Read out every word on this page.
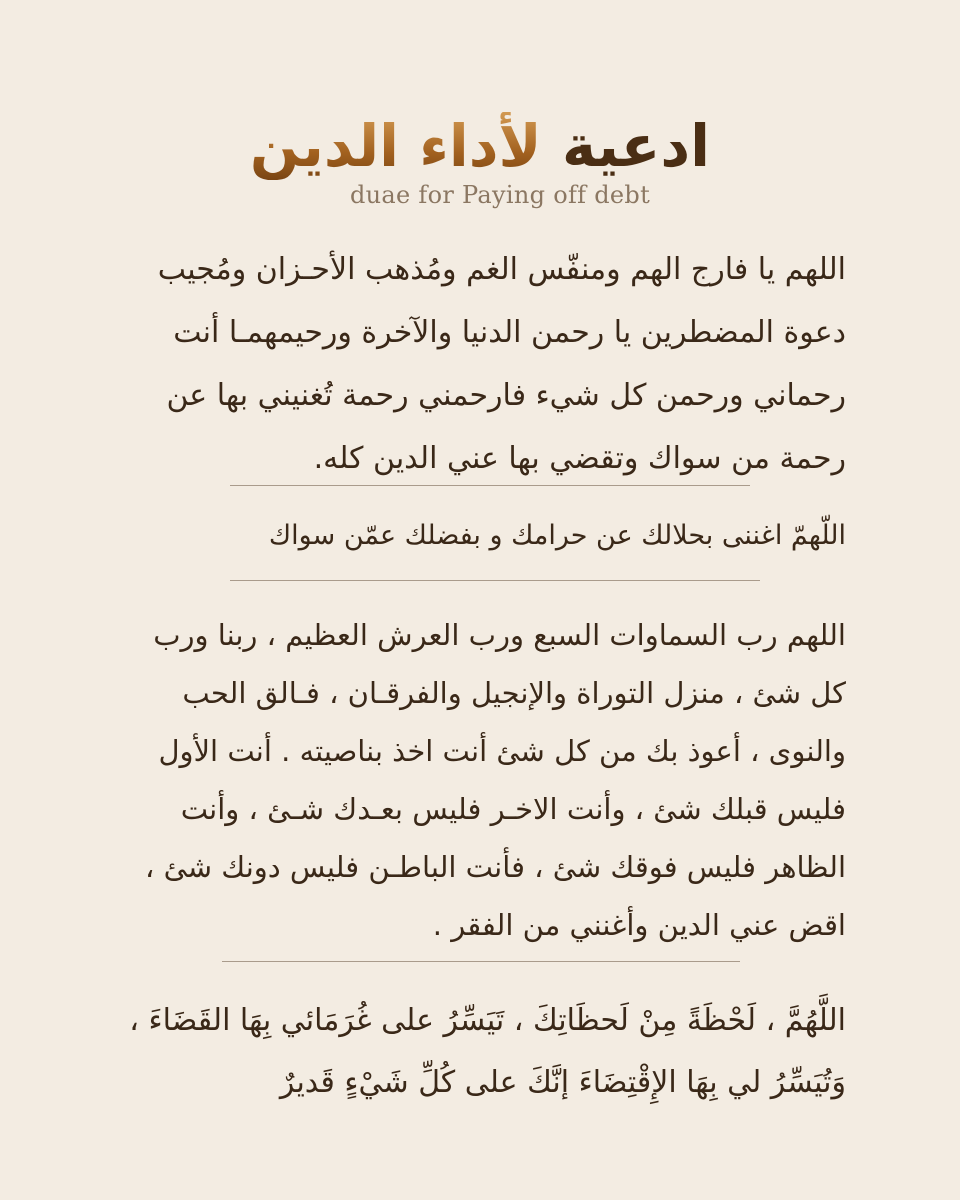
ادعية لأداء الدين
duae for Paying off debt
اللهم يا فارج الهم ومنفّس الغم ومُذهب الأحـزان ومُجيب
دعوة المضطرين يا رحمن الدنيا والآخرة ورحيمهمـا أنت
رحماني ورحمن كل شيء فارحمني رحمة تُغنيني بها عن
رحمة من سواك وتقضي بها عني الدين كله.
اللّهمّ اغننى بحلالك عن حرامك و بفضلك عمّن سواك
اللهم رب السماوات السبع ورب العرش العظيم ، ربنا ورب
كل شئ ، منزل التوراة والإنجيل والفرقـان ، فـالق الحب
والنوى ، أعوذ بك من كل شئ أنت اخذ بناصيته . أنت الأول
فليس قبلك شئ ، وأنت الاخـر فليس بعـدك شـئ ، وأنت
الظاهر فليس فوقك شئ ، فأنت الباطـن فليس دونك شئ ،
اقض عني الدين وأغنني من الفقر .
اللَّهُمَّ ، لَحْظَةً مِنْ لَحظَاتِكَ ، تَيَسِّرُ على غُرَمَائي بِهَا القَضَاءَ ،
وَتُيَسِّرُ لي بِهَا الإِقْتِضَاءَ إنَّكَ على كُلِّ شَيْءٍ قَديرٌ
